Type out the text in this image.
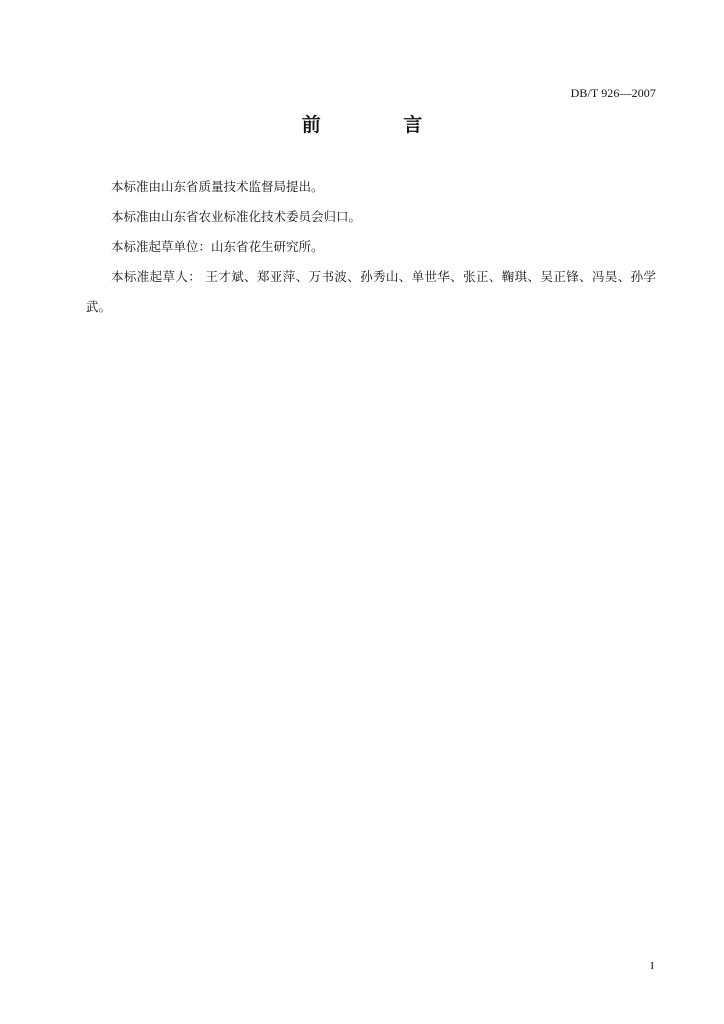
DB/T 926—2007
前 言

本标准由山东省质量技术监督局提出。

本标准由山东省农业标准化技术委员会归口。

本标准起草单位：山东省花生研究所。

本标准起草人： 王才斌、郑亚萍、万书波、孙秀山、单世华、张正、鞠琪、吴正锋、冯昊、孙学武。

I
